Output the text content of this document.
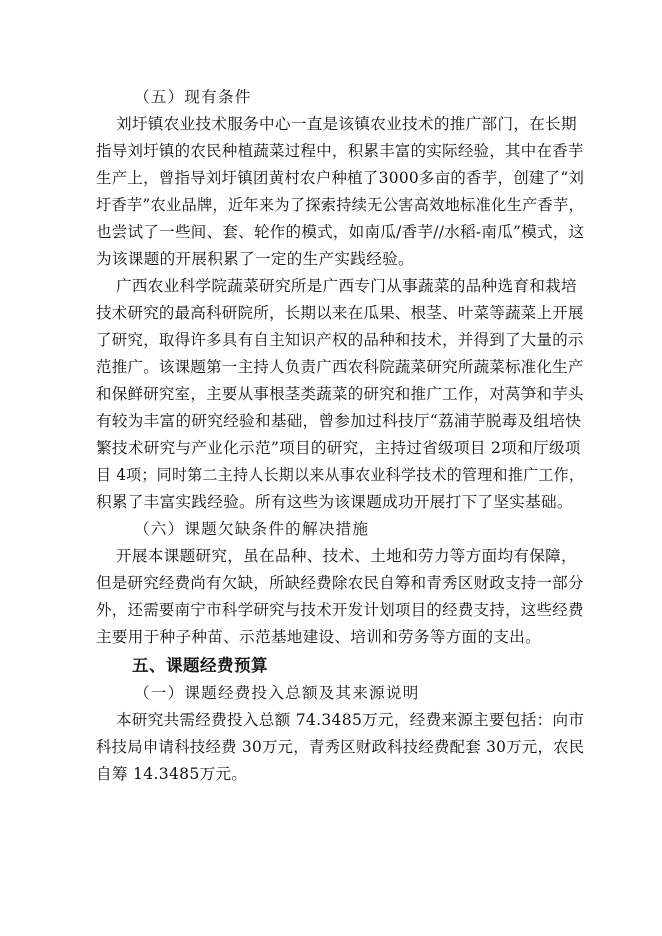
（五）现有条件
刘圩镇农业技术服务中心一直是该镇农业技术的推广部门，在长期
指导刘圩镇的农民种植蔬菜过程中，积累丰富的实际经验，其中在香芋
生产上，曾指导刘圩镇团黄村农户种植了3000多亩的香芋，创建了“刘
圩香芋”农业品牌，近年来为了探索持续无公害高效地标准化生产香芋，
也尝试了一些间、套、轮作的模式，如南瓜/香芋//水稻-南瓜”模式，这
为该课题的开展积累了一定的生产实践经验。
广西农业科学院蔬菜研究所是广西专门从事蔬菜的品种选育和栽培
技术研究的最高科研院所，长期以来在瓜果、根茎、叶菜等蔬菜上开展
了研究，取得许多具有自主知识产权的品种和技术，并得到了大量的示
范推广。该课题第一主持人负责广西农科院蔬菜研究所蔬菜标准化生产
和保鲜研究室，主要从事根茎类蔬菜的研究和推广工作，对莴笋和芋头
有较为丰富的研究经验和基础，曾参加过科技厅“荔浦芋脱毒及组培快
繁技术研究与产业化示范”项目的研究，主持过省级项目 2项和厅级项
目 4项；同时第二主持人长期以来从事农业科学技术的管理和推广工作，
积累了丰富实践经验。所有这些为该课题成功开展打下了坚实基础。
（六）课题欠缺条件的解决措施
开展本课题研究，虽在品种、技术、土地和劳力等方面均有保障，
但是研究经费尚有欠缺，所缺经费除农民自筹和青秀区财政支持一部分
外，还需要南宁市科学研究与技术开发计划项目的经费支持，这些经费
主要用于种子种苗、示范基地建设、培训和劳务等方面的支出。
五、课题经费预算
（一）课题经费投入总额及其来源说明
本研究共需经费投入总额 74.3485万元，经费来源主要包括：向市
科技局申请科技经费 30万元，青秀区财政科技经费配套 30万元，农民
自筹 14.3485万元。
